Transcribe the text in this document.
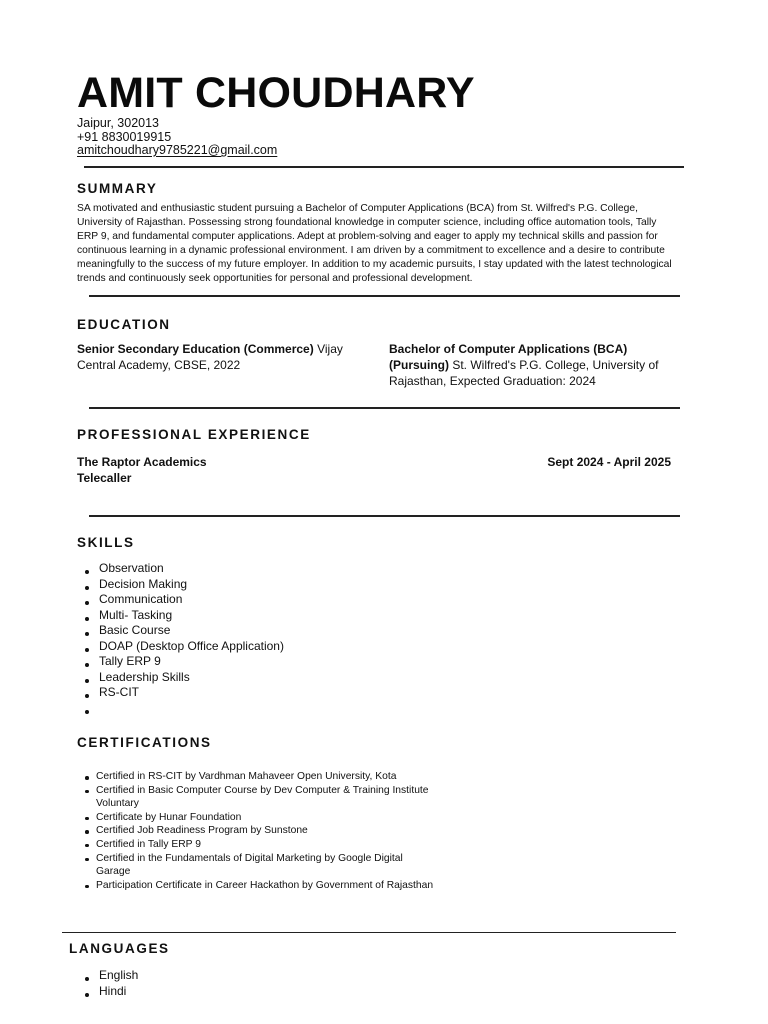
AMIT CHOUDHARY
Jaipur, 302013
+91 8830019915
amitchoudhary9785221@gmail.com
SUMMARY
SA motivated and enthusiastic student pursuing a Bachelor of Computer Applications (BCA) from St. Wilfred's P.G. College, University of Rajasthan. Possessing strong foundational knowledge in computer science, including office automation tools, Tally ERP 9, and fundamental computer applications. Adept at problem-solving and eager to apply my technical skills and passion for continuous learning in a dynamic professional environment. I am driven by a commitment to excellence and a desire to contribute meaningfully to the success of my future employer. In addition to my academic pursuits, I stay updated with the latest technological trends and continuously seek opportunities for personal and professional development.
EDUCATION
Senior Secondary Education (Commerce) Vijay Central Academy, CBSE, 2022
Bachelor of Computer Applications (BCA) (Pursuing) St. Wilfred's P.G. College, University of Rajasthan, Expected Graduation: 2024
PROFESSIONAL EXPERIENCE
The Raptor Academics
Telecaller
Sept 2024 - April 2025
SKILLS
Observation
Decision Making
Communication
Multi- Tasking
Basic Course
DOAP (Desktop Office Application)
Tally ERP 9
Leadership Skills
RS-CIT
CERTIFICATIONS
Certified in RS-CIT by Vardhman Mahaveer Open University, Kota
Certified in Basic Computer Course by Dev Computer & Training Institute Voluntary
Certificate by Hunar Foundation
Certified Job Readiness Program by Sunstone
Certified in Tally ERP 9
Certified in the Fundamentals of Digital Marketing by Google Digital Garage
Participation Certificate in Career Hackathon by Government of Rajasthan
LANGUAGES
English
Hindi
